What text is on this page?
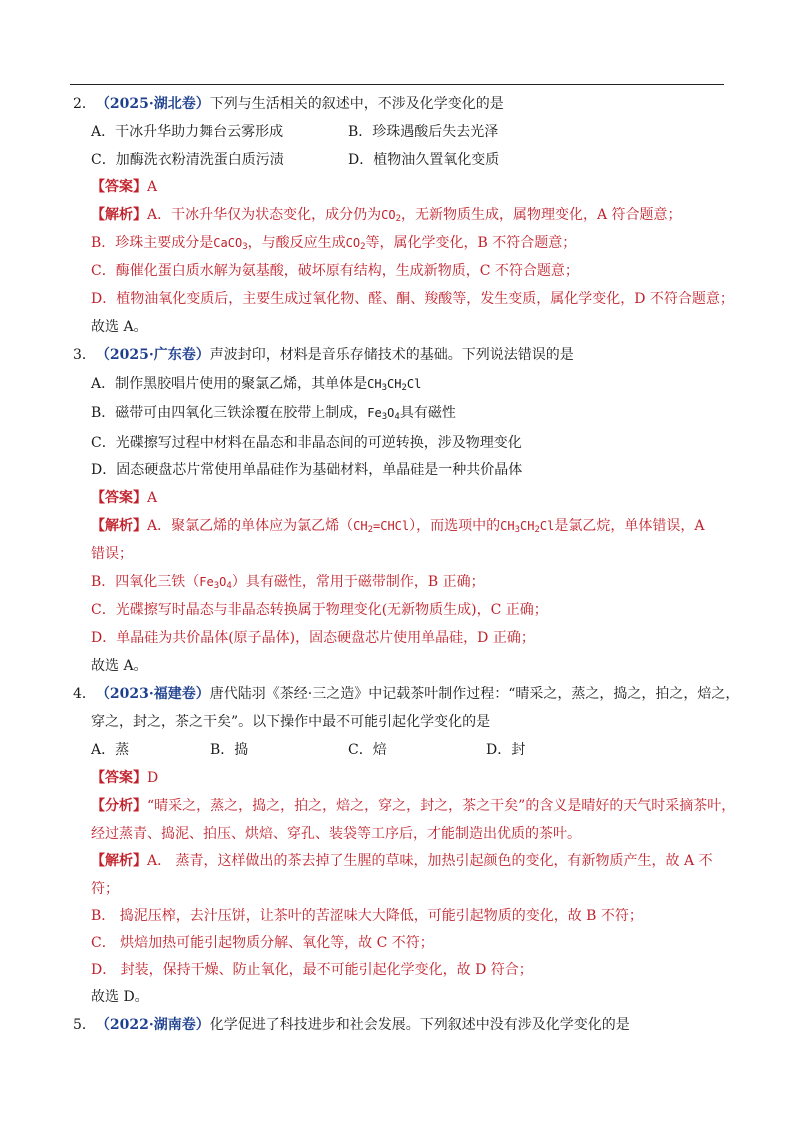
2．（2025·湖北卷）下列与生活相关的叙述中，不涉及化学变化的是
A．干冰升华助力舞台云雾形成	B．珍珠遇酸后失去光泽
C．加酶洗衣粉清洗蛋白质污渍	D．植物油久置氧化变质
【答案】A
【解析】A．干冰升华仅为状态变化，成分仍为$CO_2$，无新物质生成，属物理变化，A 符合题意；
B．珍珠主要成分是CaCO$_3$，与酸反应生成$CO_2$等，属化学变化，B 不符合题意；
C．酶催化蛋白质水解为氨基酸，破坏原有结构，生成新物质，C 不符合题意；
D．植物油氧化变质后，主要生成过氧化物、醛、酮、羧酸等，发生变质，属化学变化，D 不符合题意；
故选 A。
3．（2025·广东卷）声波封印，材料是音乐存储技术的基础。下列说法错误的是
A．制作黑胶唱片使用的聚氯乙烯，其单体是$CH_3CH_2Cl$
B．磁带可由四氧化三铁涂覆在胶带上制成，$Fe_3O_4$具有磁性
C．光碟擦写过程中材料在晶态和非晶态间的可逆转换，涉及物理变化
D．固态硬盘芯片常使用单晶硅作为基础材料，单晶硅是一种共价晶体
【答案】A
【解析】A．聚氯乙烯的单体应为氯乙烯$(CH_2=CHCl)$，而选项中的$CH_3CH_2Cl$是氯乙烷，单体错误，A
错误；
B．四氧化三铁$(Fe_3O_4)$具有磁性，常用于磁带制作，B 正确；
C．光碟擦写时晶态与非晶态转换属于物理变化(无新物质生成)，C 正确；
D．单晶硅为共价晶体(原子晶体)，固态硬盘芯片使用单晶硅，D 正确；
故选 A。
4．（2023·福建卷）唐代陆羽《茶经·三之造》中记载茶叶制作过程：“晴采之，蒸之，捣之，拍之，焙之，
穿之，封之，茶之干矣”。以下操作中最不可能引起化学变化的是
A．蒸	B．捣	C．焙	D．封
【答案】D
【分析】“晴采之，蒸之，捣之，拍之，焙之，穿之，封之，茶之干矣”的含义是晴好的天气时采摘茶叶，
经过蒸青、捣泥、拍压、烘焙、穿孔、装袋等工序后，才能制造出优质的茶叶。
【解析】A． 蒸青，这样做出的茶去掉了生腥的草味，加热引起颜色的变化，有新物质产生，故 A 不
符；
B． 捣泥压榨，去汁压饼，让茶叶的苦涩味大大降低，可能引起物质的变化，故 B 不符；
C． 烘焙加热可能引起物质分解、氧化等，故 C 不符；
D． 封装，保持干燥、防止氧化，最不可能引起化学变化，故 D 符合；
故选 D。
5．（2022·湖南卷）化学促进了科技进步和社会发展。下列叙述中没有涉及化学变化的是
